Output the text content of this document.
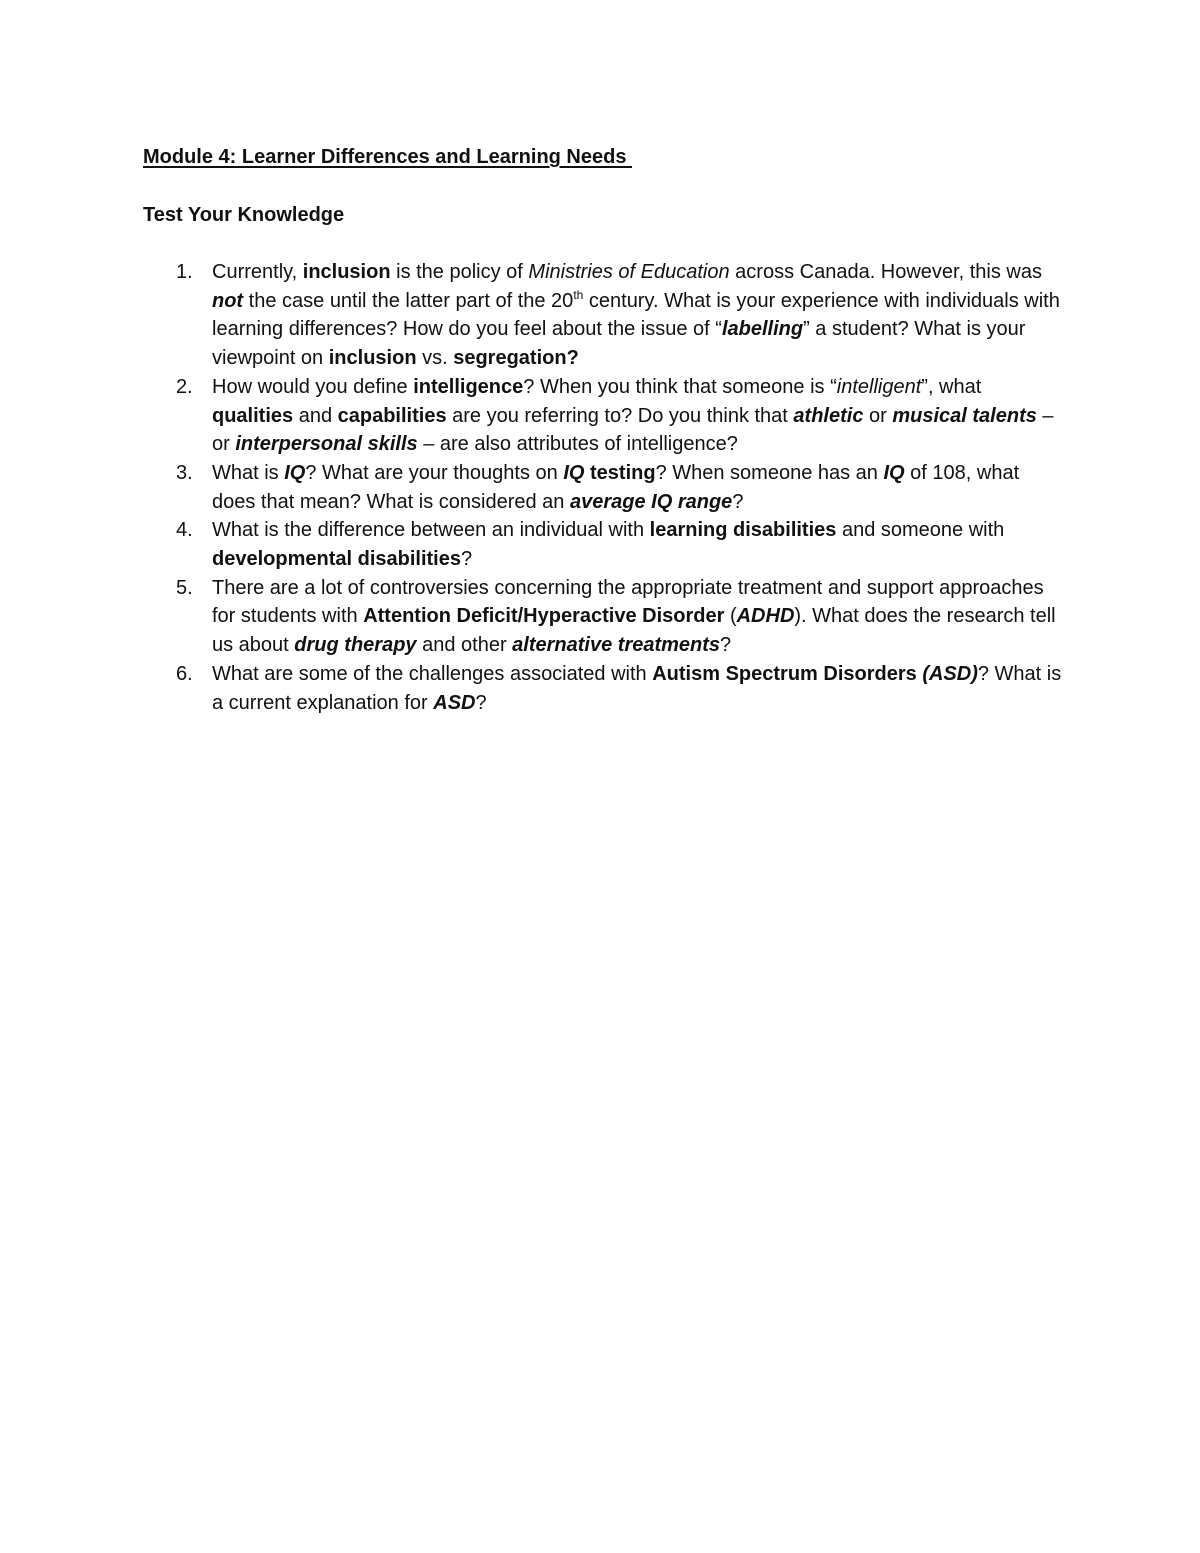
Module 4: Learner Differences and Learning Needs
Test Your Knowledge
1. Currently, inclusion is the policy of Ministries of Education across Canada. However, this was not the case until the latter part of the 20th century. What is your experience with individuals with learning differences? How do you feel about the issue of “labelling” a student? What is your viewpoint on inclusion vs. segregation?
2. How would you define intelligence? When you think that someone is “intelligent”, what qualities and capabilities are you referring to? Do you think that athletic or musical talents – or interpersonal skills – are also attributes of intelligence?
3. What is IQ? What are your thoughts on IQ testing? When someone has an IQ of 108, what does that mean? What is considered an average IQ range?
4. What is the difference between an individual with learning disabilities and someone with developmental disabilities?
5. There are a lot of controversies concerning the appropriate treatment and support approaches for students with Attention Deficit/Hyperactive Disorder (ADHD). What does the research tell us about drug therapy and other alternative treatments?
6. What are some of the challenges associated with Autism Spectrum Disorders (ASD)? What is a current explanation for ASD?
